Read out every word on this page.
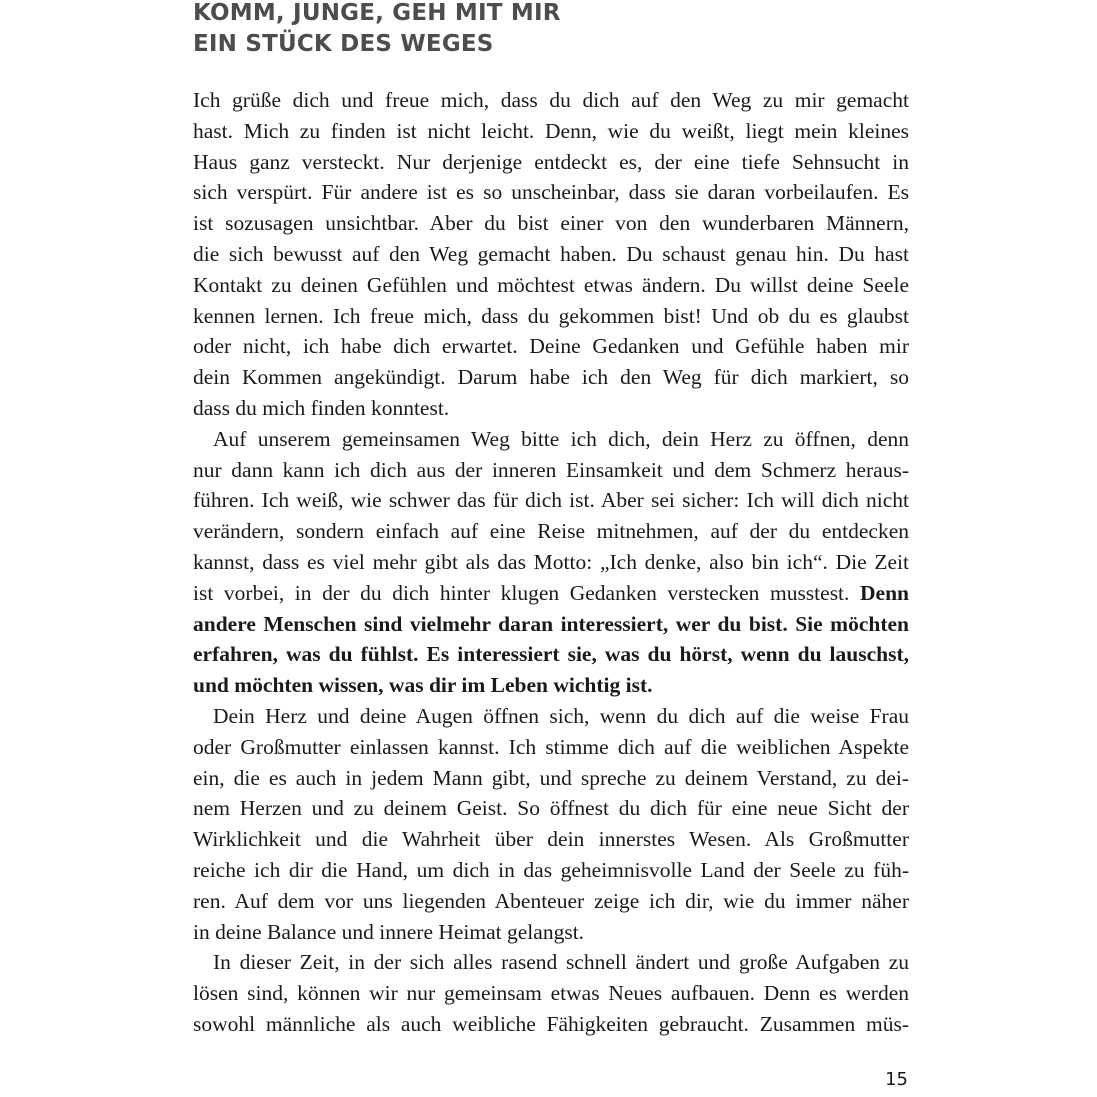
KOMM, JUNGE, GEH MIT MIR
EIN STÜCK DES WEGES
Ich grüße dich und freue mich, dass du dich auf den Weg zu mir gemacht
hast. Mich zu finden ist nicht leicht. Denn, wie du weißt, liegt mein kleines
Haus ganz versteckt. Nur derjenige entdeckt es, der eine tiefe Sehnsucht in
sich verspürt. Für andere ist es so unscheinbar, dass sie daran vorbeilaufen. Es
ist sozusagen unsichtbar. Aber du bist einer von den wunderbaren Männern,
die sich bewusst auf den Weg gemacht haben. Du schaust genau hin. Du hast
Kontakt zu deinen Gefühlen und möchtest etwas ändern. Du willst deine Seele
kennen lernen. Ich freue mich, dass du gekommen bist! Und ob du es glaubst
oder nicht, ich habe dich erwartet. Deine Gedanken und Gefühle haben mir
dein Kommen angekündigt. Darum habe ich den Weg für dich markiert, so
dass du mich finden konntest.
Auf unserem gemeinsamen Weg bitte ich dich, dein Herz zu öffnen, denn
nur dann kann ich dich aus der inneren Einsamkeit und dem Schmerz heraus-
führen. Ich weiß, wie schwer das für dich ist. Aber sei sicher: Ich will dich nicht
verändern, sondern einfach auf eine Reise mitnehmen, auf der du entdecken
kannst, dass es viel mehr gibt als das Motto: „Ich denke, also bin ich“. Die Zeit
ist vorbei, in der du dich hinter klugen Gedanken verstecken musstest. Denn
andere Menschen sind vielmehr daran interessiert, wer du bist. Sie möchten
erfahren, was du fühlst. Es interessiert sie, was du hörst, wenn du lauschst,
und möchten wissen, was dir im Leben wichtig ist.
Dein Herz und deine Augen öffnen sich, wenn du dich auf die weise Frau
oder Großmutter einlassen kannst. Ich stimme dich auf die weiblichen Aspekte
ein, die es auch in jedem Mann gibt, und spreche zu deinem Verstand, zu dei-
nem Herzen und zu deinem Geist. So öffnest du dich für eine neue Sicht der
Wirklichkeit und die Wahrheit über dein innerstes Wesen. Als Großmutter
reiche ich dir die Hand, um dich in das geheimnisvolle Land der Seele zu füh-
ren. Auf dem vor uns liegenden Abenteuer zeige ich dir, wie du immer näher
in deine Balance und innere Heimat gelangst.
In dieser Zeit, in der sich alles rasend schnell ändert und große Aufgaben zu
lösen sind, können wir nur gemeinsam etwas Neues aufbauen. Denn es werden
sowohl männliche als auch weibliche Fähigkeiten gebraucht. Zusammen müs-
15
